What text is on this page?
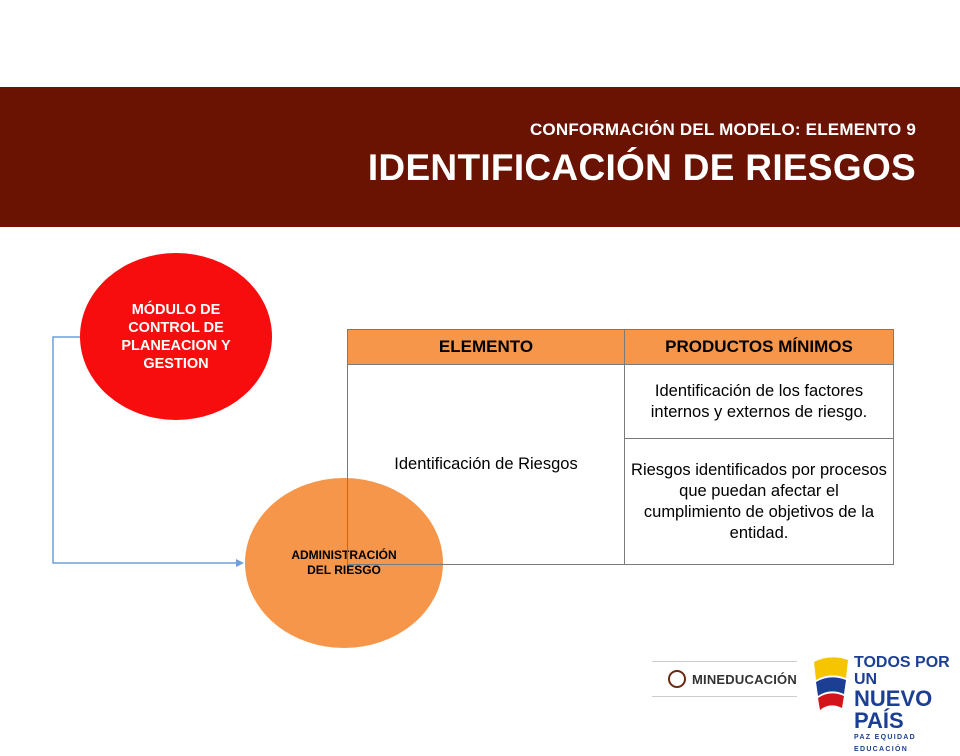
CONFORMACIÓN DEL MODELO: ELEMENTO 9
IDENTIFICACIÓN DE RIESGOS
MÓDULO DE
CONTROL DE
PLANEACION Y
GESTION
ADMINISTRACIÓN
DEL RIESGO
ELEMENTO	PRODUCTOS MÍNIMOS
Identificación de Riesgos	Identificación de los factores internos y externos de riesgo.
	Riesgos identificados por procesos que puedan afectar el cumplimiento de objetivos de la entidad.
MINEDUCACIÓN
TODOS POR UN
NUEVO PAÍS
PAZ EQUIDAD EDUCACIÓN
